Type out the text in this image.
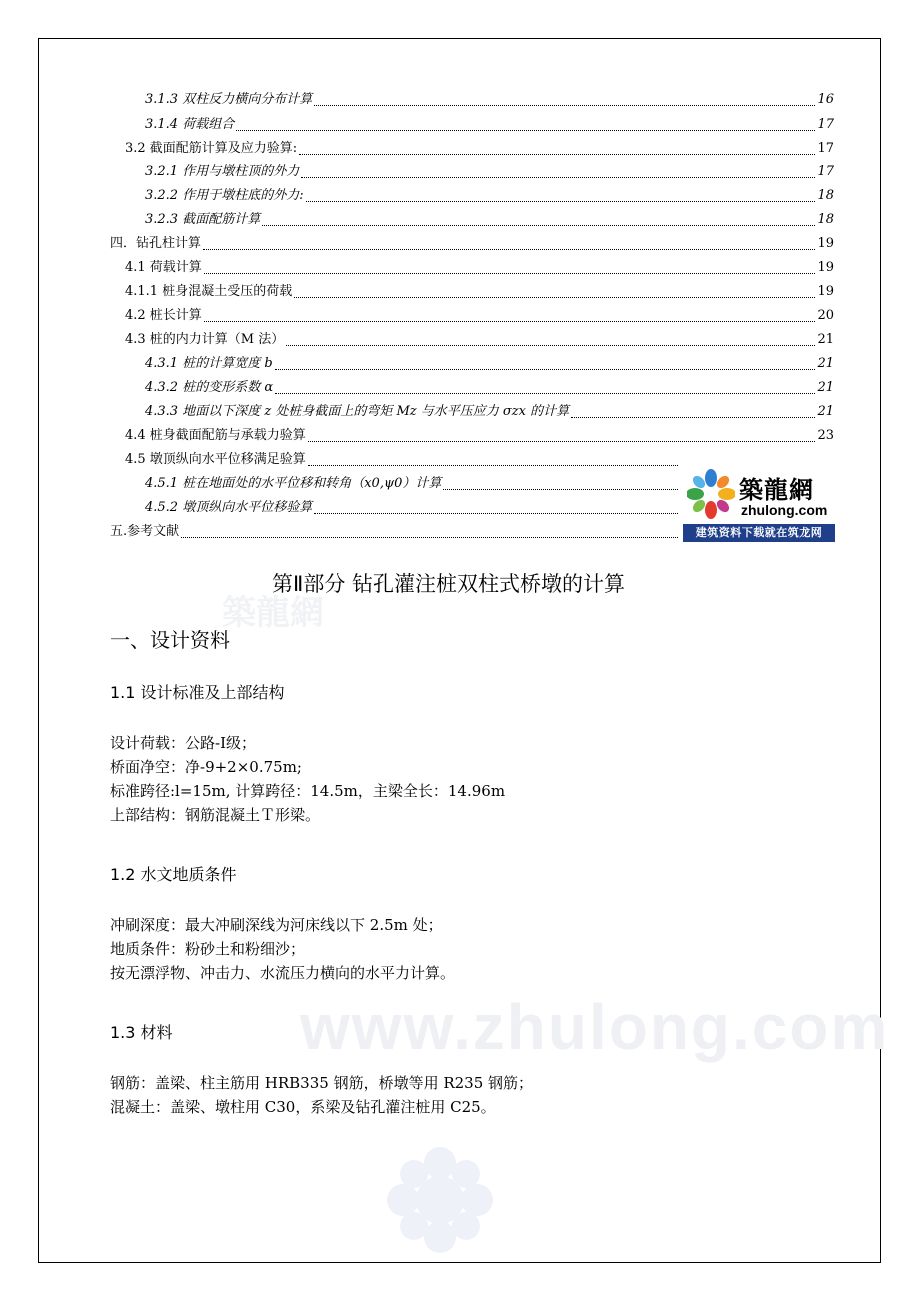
www.zhulong.com
築龍網
3.1.3 双柱反力横向分布计算	16
3.1.4 荷载组合	17
3.2 截面配筋计算及应力验算:	17
3.2.1 作用与墩柱顶的外力	17
3.2.2 作用于墩柱底的外力:	18
3.2.3 截面配筋计算	18
四．钻孔柱计算	19
4.1 荷载计算	19
4.1.1 桩身混凝土受压的荷载	19
4.2 桩长计算	20
4.3 桩的内力计算（M 法）	21
4.3.1 桩的计算宽度 b	21
4.3.2 桩的变形系数 α	21
4.3.3 地面以下深度 z 处桩身截面上的弯矩 Mz 与水平压应力 σzx 的计算	21
4.4 桩身截面配筋与承载力验算	23
4.5 墩顶纵向水平位移满足验算
4.5.1 桩在地面处的水平位移和转角（x0,ψ0）计算
4.5.2 墩顶纵向水平位移验算
五.参考文献
築龍網
zhulong.com
建筑资料下载就在筑龙网
第Ⅱ部分 钻孔灌注桩双柱式桥墩的计算
一、设计资料
1.1 设计标准及上部结构
设计荷载：公路-Ⅰ级；
桥面净空：净-9+2×0.75m;
标准跨径:l=15m, 计算跨径：14.5m，主梁全长：14.96m
上部结构：钢筋混凝土Ｔ形梁。
1.2 水文地质条件
冲刷深度：最大冲刷深线为河床线以下 2.5m 处；
地质条件：粉砂土和粉细沙；
按无漂浮物、冲击力、水流压力横向的水平力计算。
1.3 材料
钢筋：盖梁、柱主筋用 HRB335 钢筋，桥墩等用 R235 钢筋；
混凝土：盖梁、墩柱用 C30，系梁及钻孔灌注桩用 C25。
